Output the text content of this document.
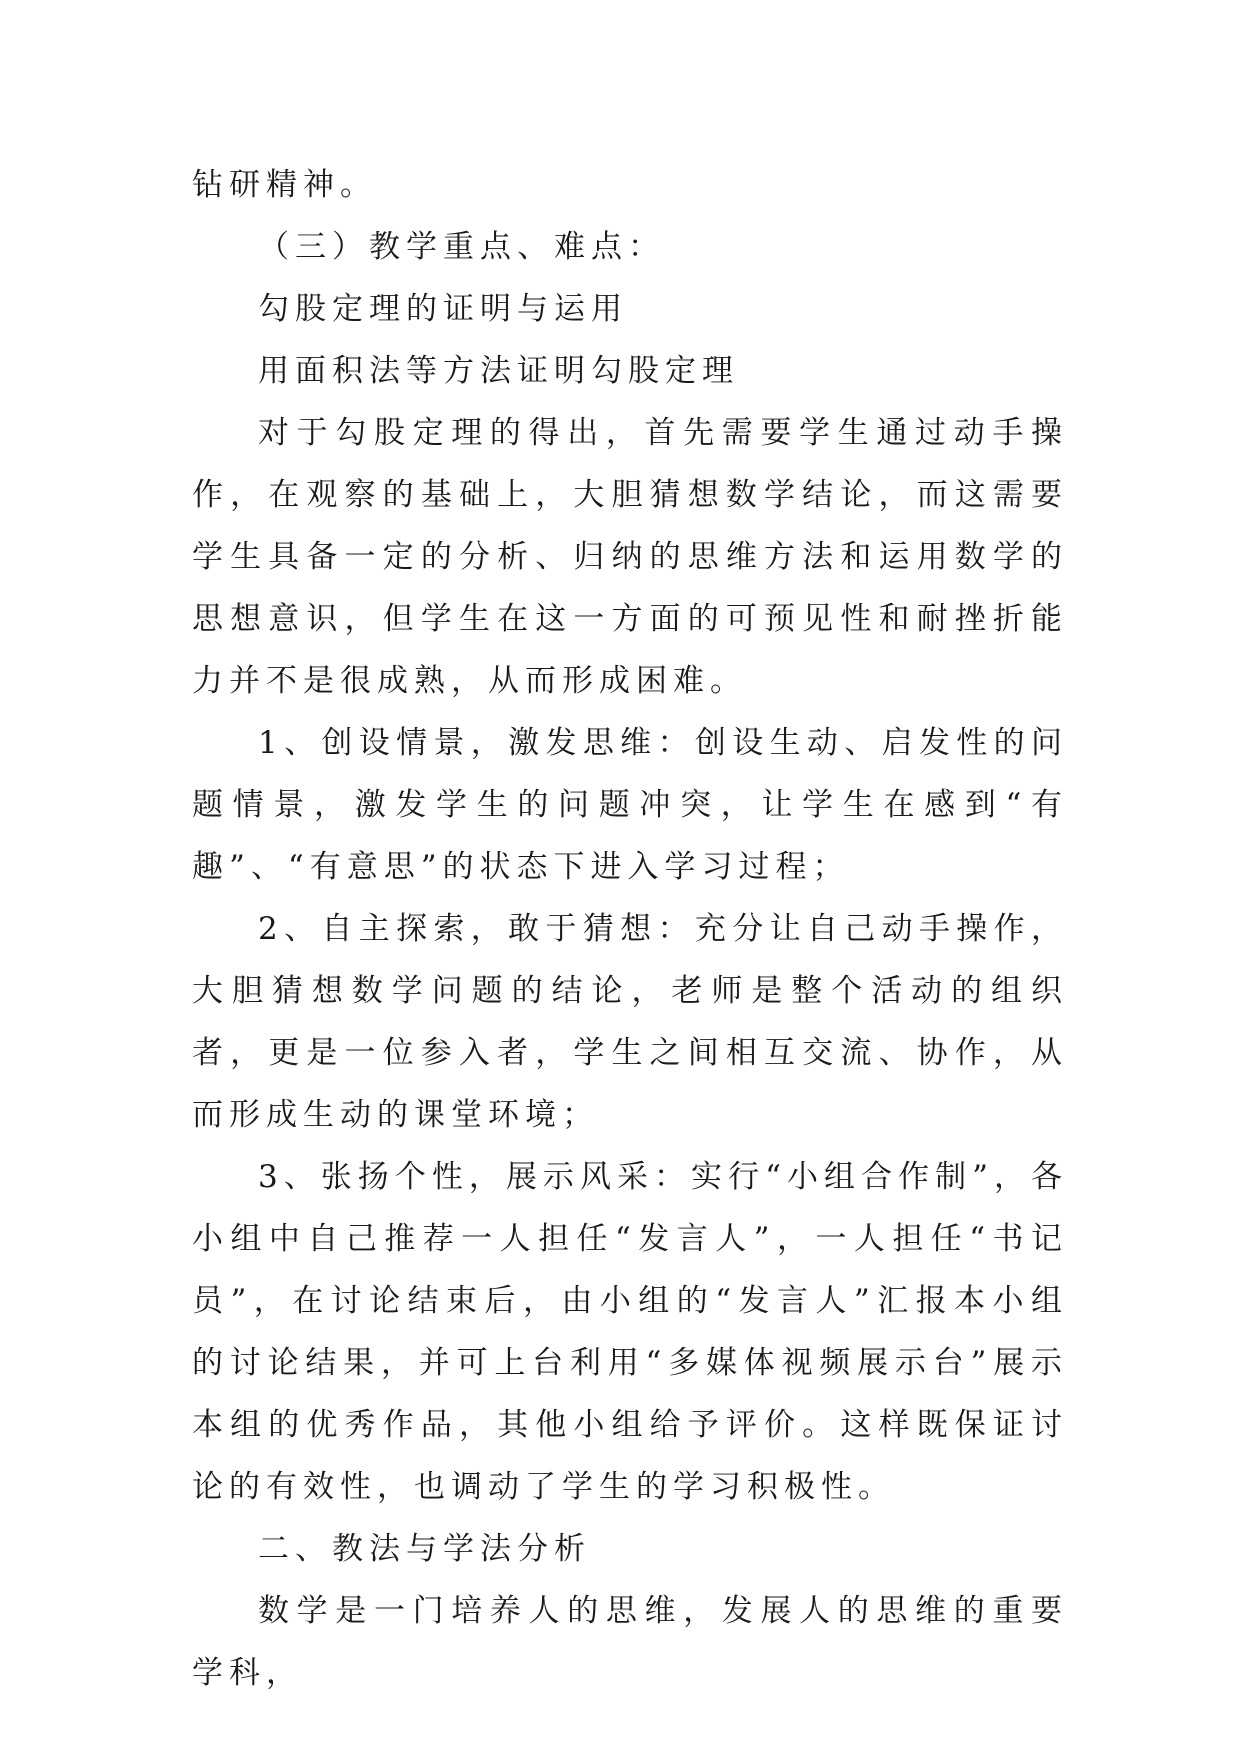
钻研精神。

（三）教学重点、难点：

勾股定理的证明与运用

用面积法等方法证明勾股定理

对于勾股定理的得出，首先需要学生通过动手操作，在观察的基础上，大胆猜想数学结论，而这需要学生具备一定的分析、归纳的思维方法和运用数学的思想意识，但学生在这一方面的可预见性和耐挫折能力并不是很成熟，从而形成困难。

1、创设情景，激发思维：创设生动、启发性的问题情景，激发学生的问题冲突，让学生在感到“有趣”、“有意思”的状态下进入学习过程；

2、自主探索，敢于猜想：充分让自己动手操作，大胆猜想数学问题的结论，老师是整个活动的组织者，更是一位参入者，学生之间相互交流、协作，从而形成生动的课堂环境；

3、张扬个性，展示风采：实行“小组合作制”，各小组中自己推荐一人担任“发言人”，一人担任“书记员”，在讨论结束后，由小组的“发言人”汇报本小组的讨论结果，并可上台利用“多媒体视频展示台”展示本组的优秀作品，其他小组给予评价。这样既保证讨论的有效性，也调动了学生的学习积极性。

二、教法与学法分析

数学是一门培养人的思维，发展人的思维的重要学科，
